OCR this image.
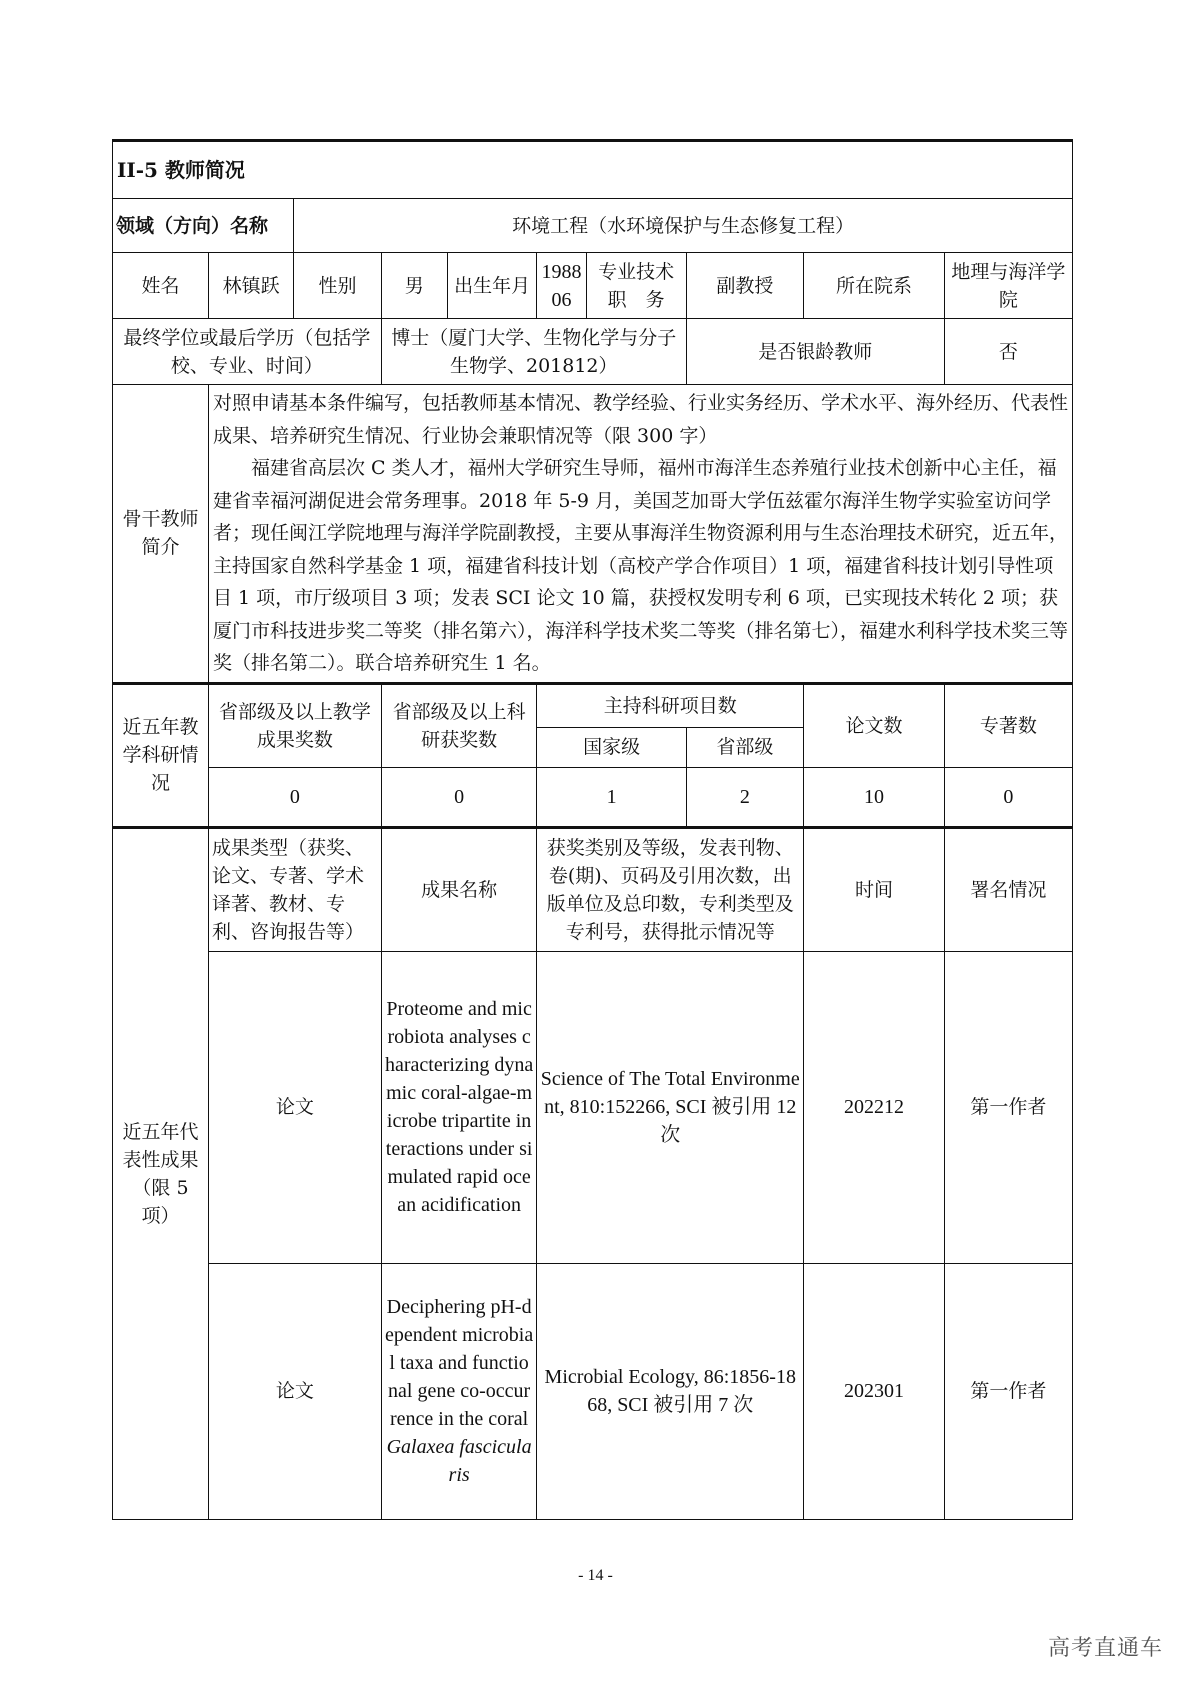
II-5 教师简况									
领域（方向）名称		环境工程（水环境保护与生态修复工程）							
姓名	林镇跃	性别	男	出生年月	198806	专业技术职　务	副教授	所在院系	地理与海洋学院
最终学位或最后学历（包括学校、专业、时间）			博士（厦门大学、生物化学与分子生物学、201812）				是否银龄教师		否
骨干教师简介	对照申请基本条件编写，包括教师基本情况、教学经验、行业实务经历、学术水平、海外经历、代表性成果、培养研究生情况、行业协会兼职情况等（限 300 字）

福建省高层次 C 类人才，福州大学研究生导师，福州市海洋生态养殖行业技术创新中心主任，福建省幸福河湖促进会常务理事。2018 年 5-9 月，美国芝加哥大学伍兹霍尔海洋生物学实验室访问学者；现任闽江学院地理与海洋学院副教授，主要从事海洋生物资源利用与生态治理技术研究，近五年，主持国家自然科学基金 1 项，福建省科技计划（高校产学合作项目）1 项，福建省科技计划引导性项目 1 项，市厅级项目 3 项；发表 SCI 论文 10 篇，获授权发明专利 6 项，已实现技术转化 2 项；获厦门市科技进步奖二等奖（排名第六），海洋科学技术奖二等奖（排名第七），福建水利科学技术奖三等奖（排名第二）。联合培养研究生 1 名。								

近五年教学科研情况	省部级及以上教学成果奖数		省部级及以上科研获奖数		主持科研项目数			论文数	专著数
					国家级		省部级		
	0		0		1		2	10	0
近五年代表性成果（限 5 项）	成果类型（获奖、论文、专著、学术译著、教材、专利、咨询报告等）		成果名称		获奖类别及等级，发表刊物、卷(期)、页码及引用次数，出版单位及总印数，专利类型及专利号，获得批示情况等			时间	署名情况
	论文		Proteome and microbiota analyses characterizing dynamic coral-algae-microbe tripartite interactions under simulated rapid ocean acidification		Science of The Total Environment, 810:152266, SCI 被引用 12 次			202212	第一作者
	论文		Deciphering pH-dependent microbial taxa and functional gene co-occurrence in the coral Galaxea fascicularis		Microbial Ecology, 86:1856-1868, SCI 被引用 7 次			202301	第一作者
- 14 -
高考直通车
